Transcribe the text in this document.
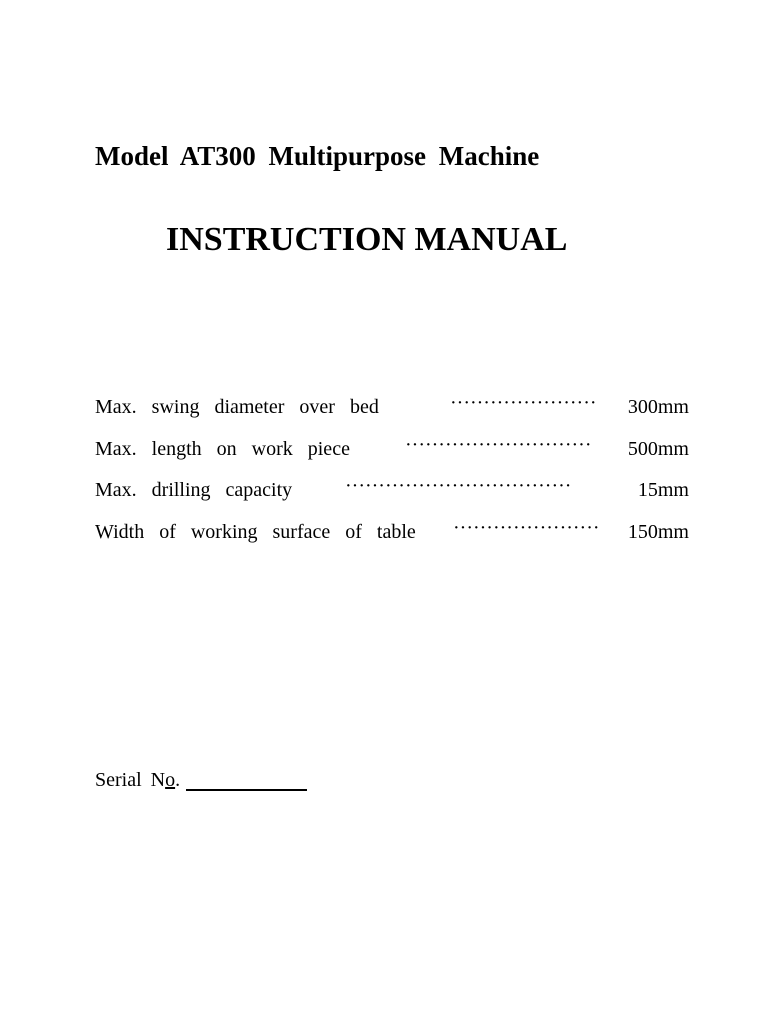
Model AT300 Multipurpose Machine
INSTRUCTION MANUAL
Max. swing diameter over bed	······················ 300mm
Max. length on work piece	···························· 500mm
Max. drilling capacity	··································	15mm
Width of working surface of table ······················ 150mm
Serial No.
